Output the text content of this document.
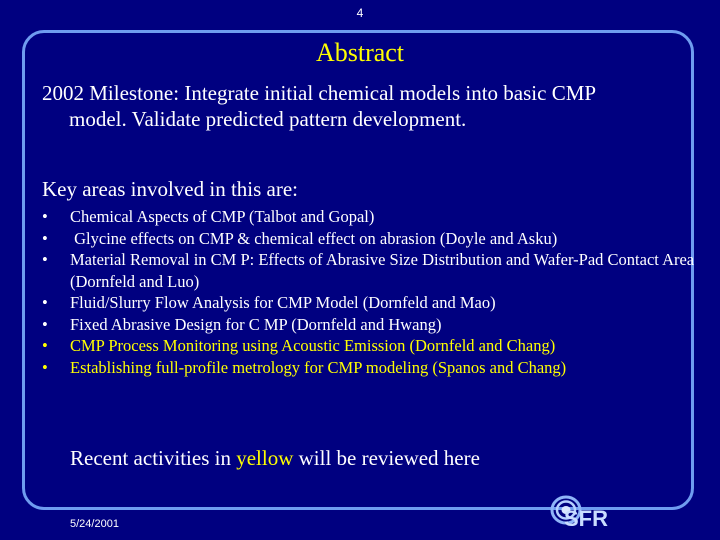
4
Abstract
2002 Milestone: Integrate initial chemical models into basic CMP
model. Validate predicted pattern development.
Key areas involved in this are:
•	Chemical Aspects of CMP (Talbot and Gopal)
•	Glycine effects on CMP & chemical effect on abrasion (Doyle and Asku)
•	Material Removal in CM P: Effects of Abrasive Size Distribution and Wafer-Pad Contact Area (Dornfeld and Luo)
•	Fluid/Slurry Flow Analysis for CMP Model (Dornfeld and Mao)
•	Fixed Abrasive Design for C MP (Dornfeld and Hwang)
•	CMP Process Monitoring using Acoustic Emission (Dornfeld and Chang)
•	Establishing full-profile metrology for CMP modeling (Spanos and Chang)
Recent activities in yellow will be reviewed here
5/24/2001	SFR
